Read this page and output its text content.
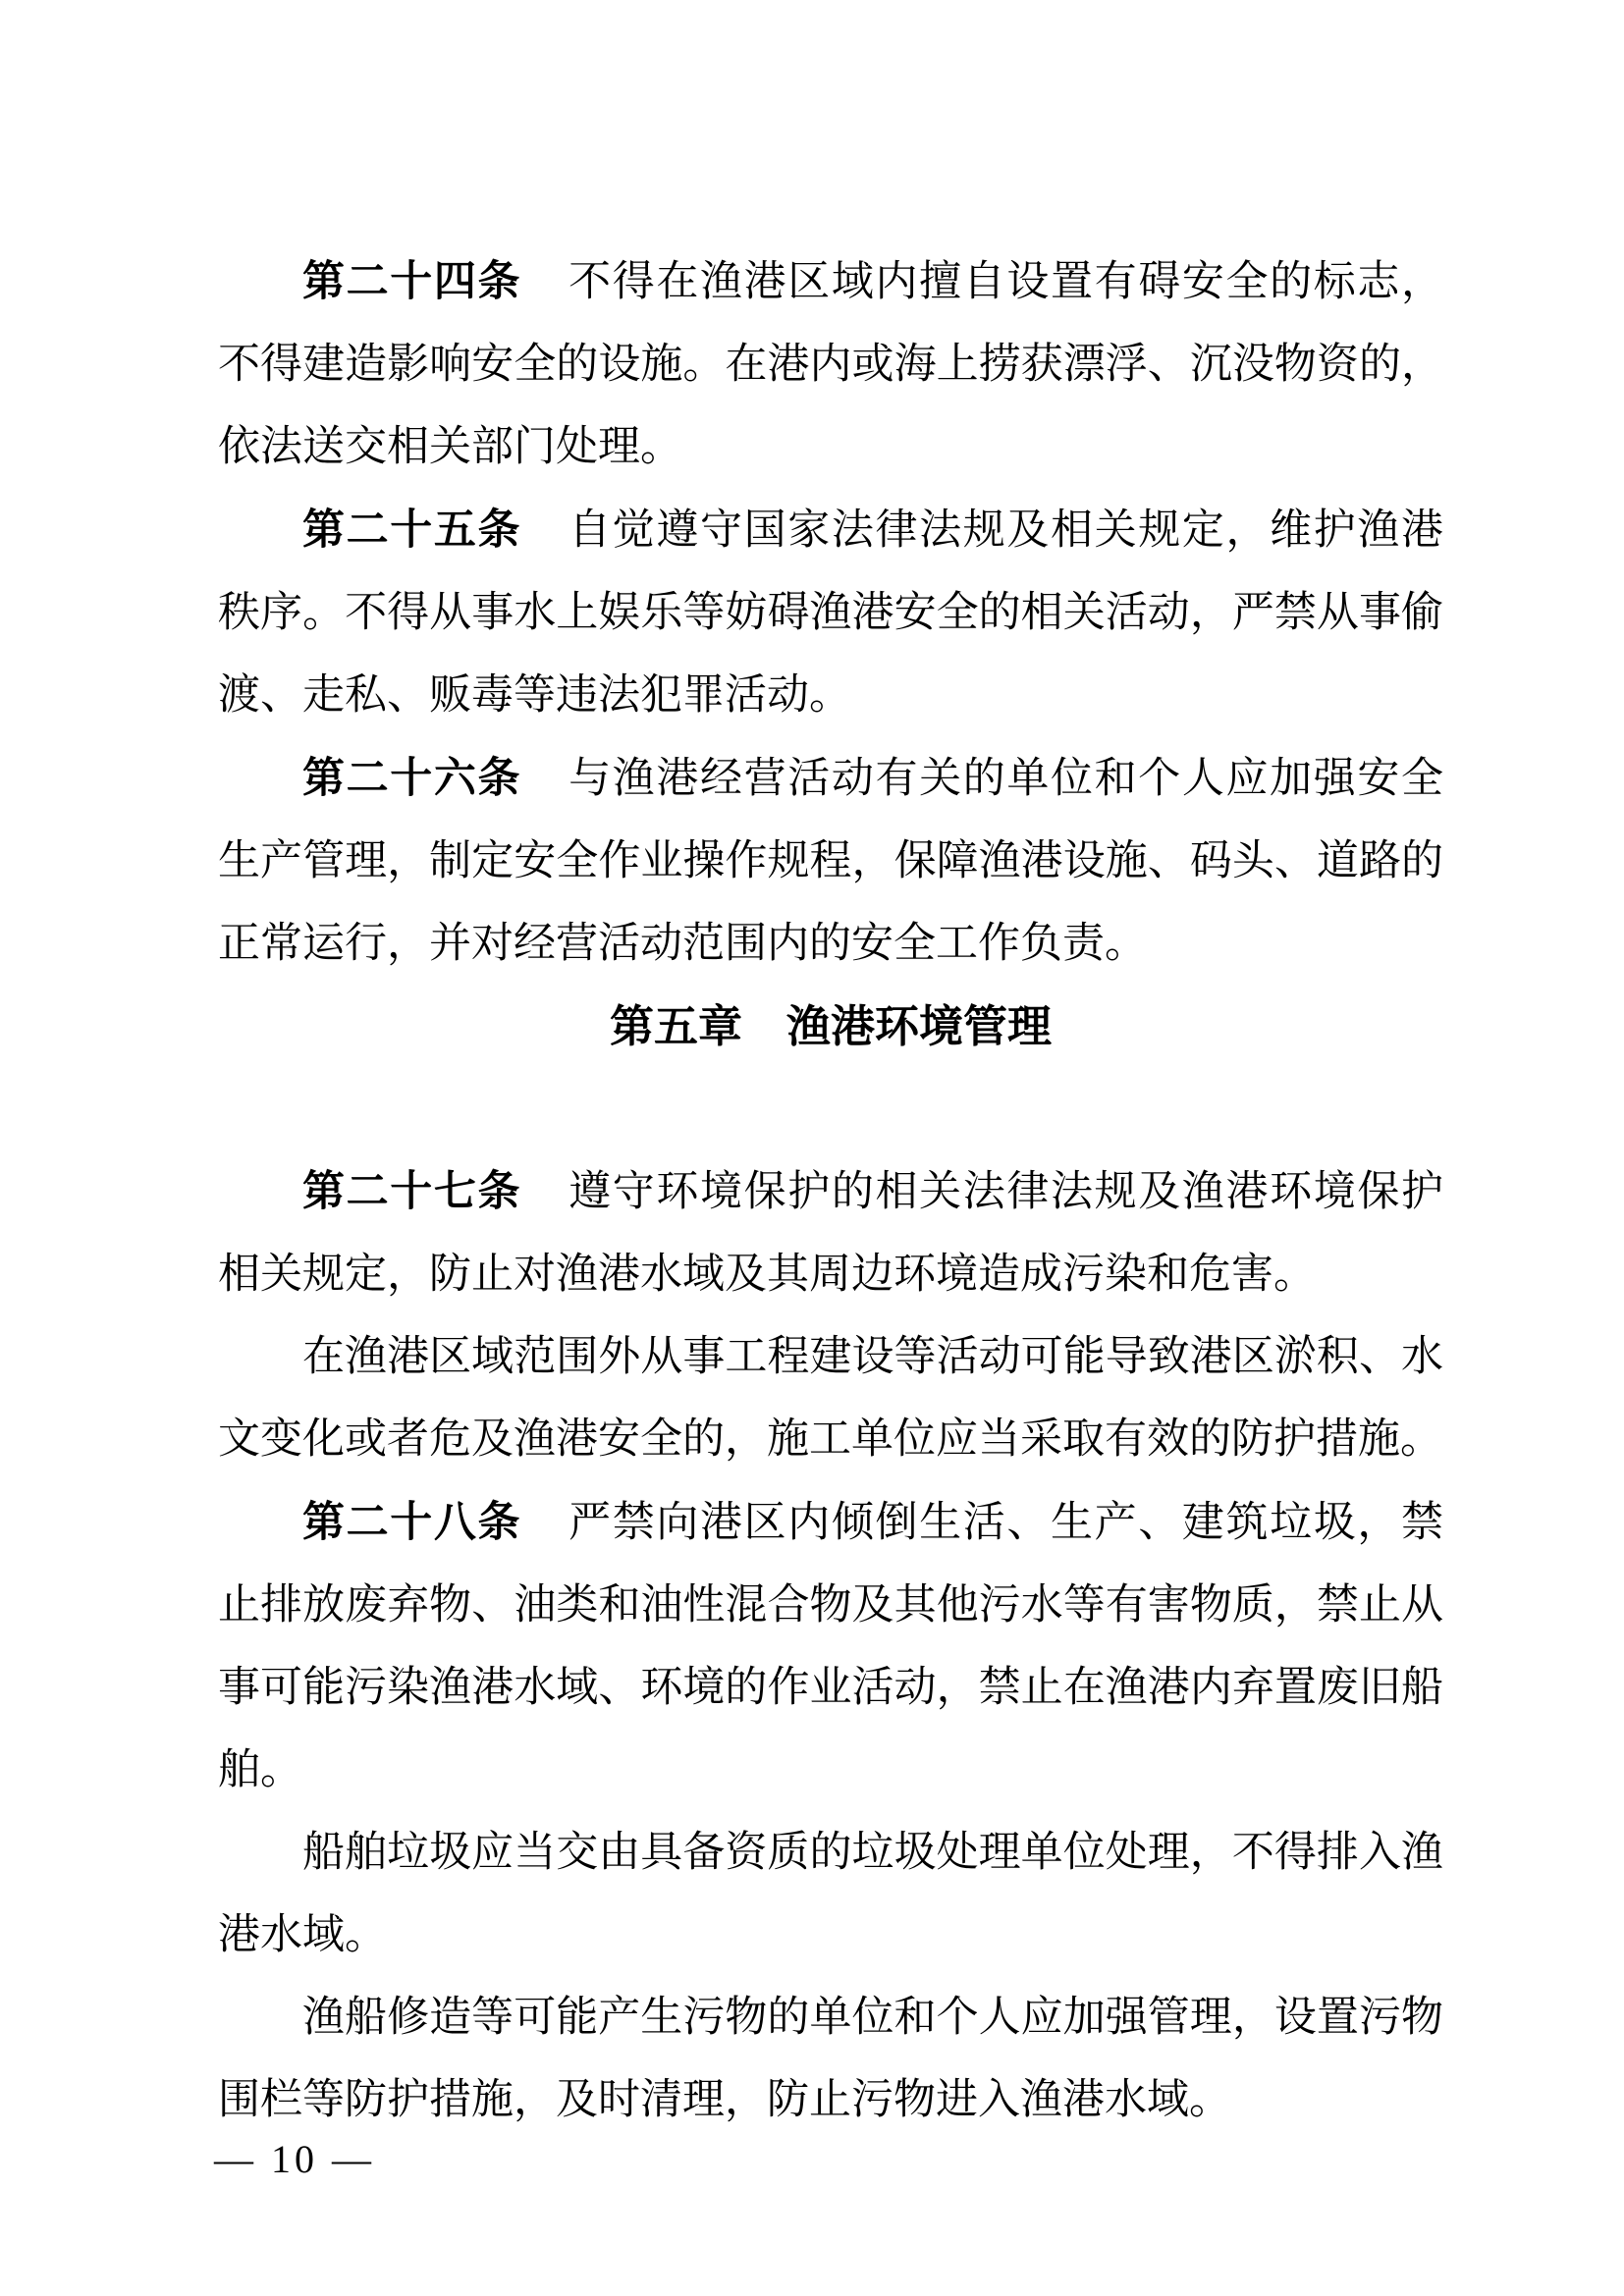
第二十四条 不得在渔港区域内擅自设置有碍安全的标志，不得建造影响安全的设施。在港内或海上捞获漂浮、沉没物资的，依法送交相关部门处理。

第二十五条 自觉遵守国家法律法规及相关规定，维护渔港秩序。不得从事水上娱乐等妨碍渔港安全的相关活动，严禁从事偷渡、走私、贩毒等违法犯罪活动。

第二十六条 与渔港经营活动有关的单位和个人应加强安全生产管理，制定安全作业操作规程，保障渔港设施、码头、道路的正常运行，并对经营活动范围内的安全工作负责。

第五章 渔港环境管理

第二十七条 遵守环境保护的相关法律法规及渔港环境保护相关规定，防止对渔港水域及其周边环境造成污染和危害。

在渔港区域范围外从事工程建设等活动可能导致港区淤积、水文变化或者危及渔港安全的，施工单位应当采取有效的防护措施。

第二十八条 严禁向港区内倾倒生活、生产、建筑垃圾，禁止排放废弃物、油类和油性混合物及其他污水等有害物质，禁止从事可能污染渔港水域、环境的作业活动，禁止在渔港内弃置废旧船舶。

船舶垃圾应当交由具备资质的垃圾处理单位处理，不得排入渔港水域。

渔船修造等可能产生污物的单位和个人应加强管理，设置污物围栏等防护措施，及时清理，防止污物进入渔港水域。

— 10 —
